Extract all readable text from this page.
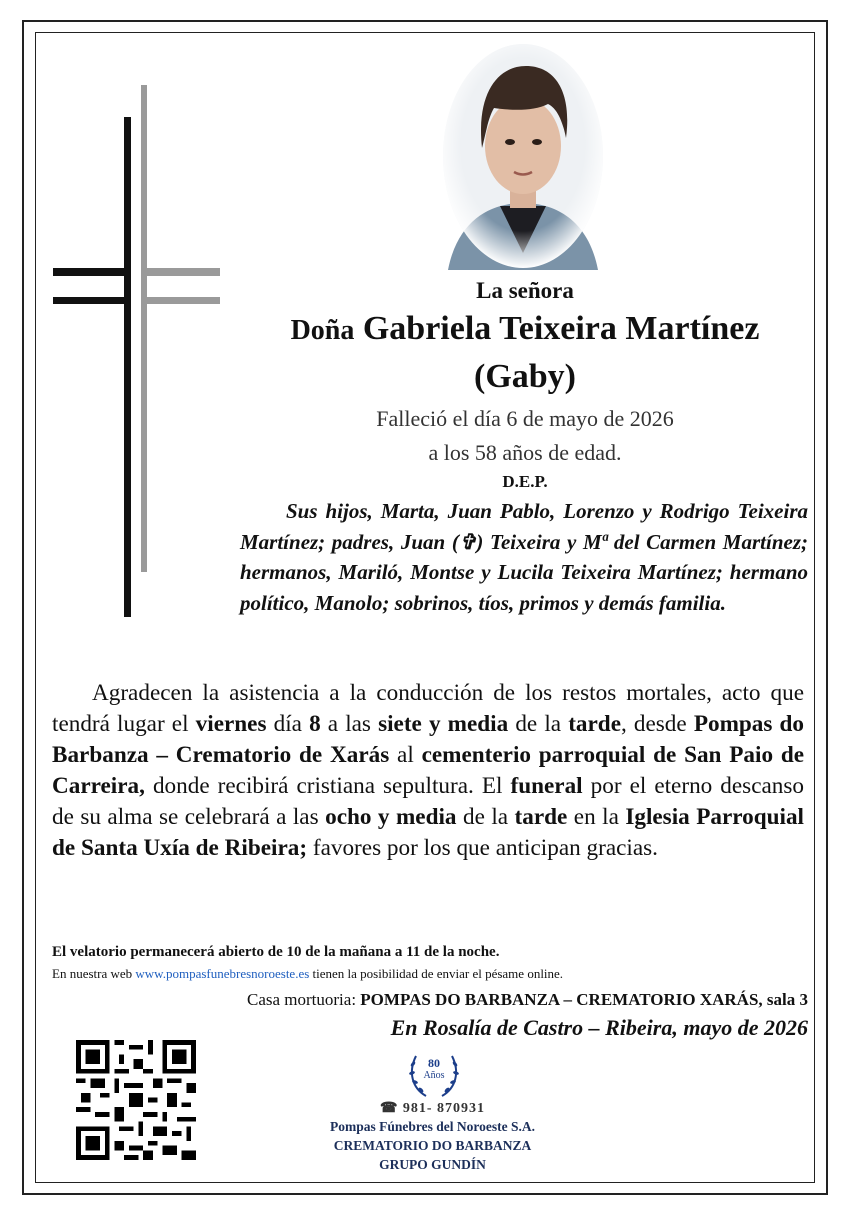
La señora
Doña Gabriela Teixeira Martínez
(Gaby)
Falleció el día 6 de mayo de 2026
a los 58 años de edad.
D.E.P.

Sus hijos, Marta, Juan Pablo, Lorenzo y Rodrigo Teixeira Martínez; padres, Juan (✞) Teixeira y Mª del Carmen Martínez; hermanos, Mariló, Montse y Lucila Teixeira Martínez; hermano político, Manolo; sobrinos, tíos, primos y demás familia.

Agradecen la asistencia a la conducción de los restos mortales, acto que tendrá lugar el viernes día 8 a las siete y media de la tarde, desde Pompas do Barbanza – Crematorio de Xarás al cementerio parroquial de San Paio de Carreira, donde recibirá cristiana sepultura. El funeral por el eterno descanso de su alma se celebrará a las ocho y media de la tarde en la Iglesia Parroquial de Santa Uxía de Ribeira; favores por los que anticipan gracias.

El velatorio permanecerá abierto de 10 de la mañana a 11 de la noche.
En nuestra web www.pompasfunebresnoroeste.es tienen la posibilidad de enviar el pésame online.
Casa mortuoria: POMPAS DO BARBANZA – CREMATORIO XARÁS, sala 3
En Rosalía de Castro – Ribeira, mayo de 2026
80
Años
☎ 981- 870931
Pompas Fúnebres del Noroeste S.A.
CREMATORIO DO BARBANZA
GRUPO GUNDÍN
